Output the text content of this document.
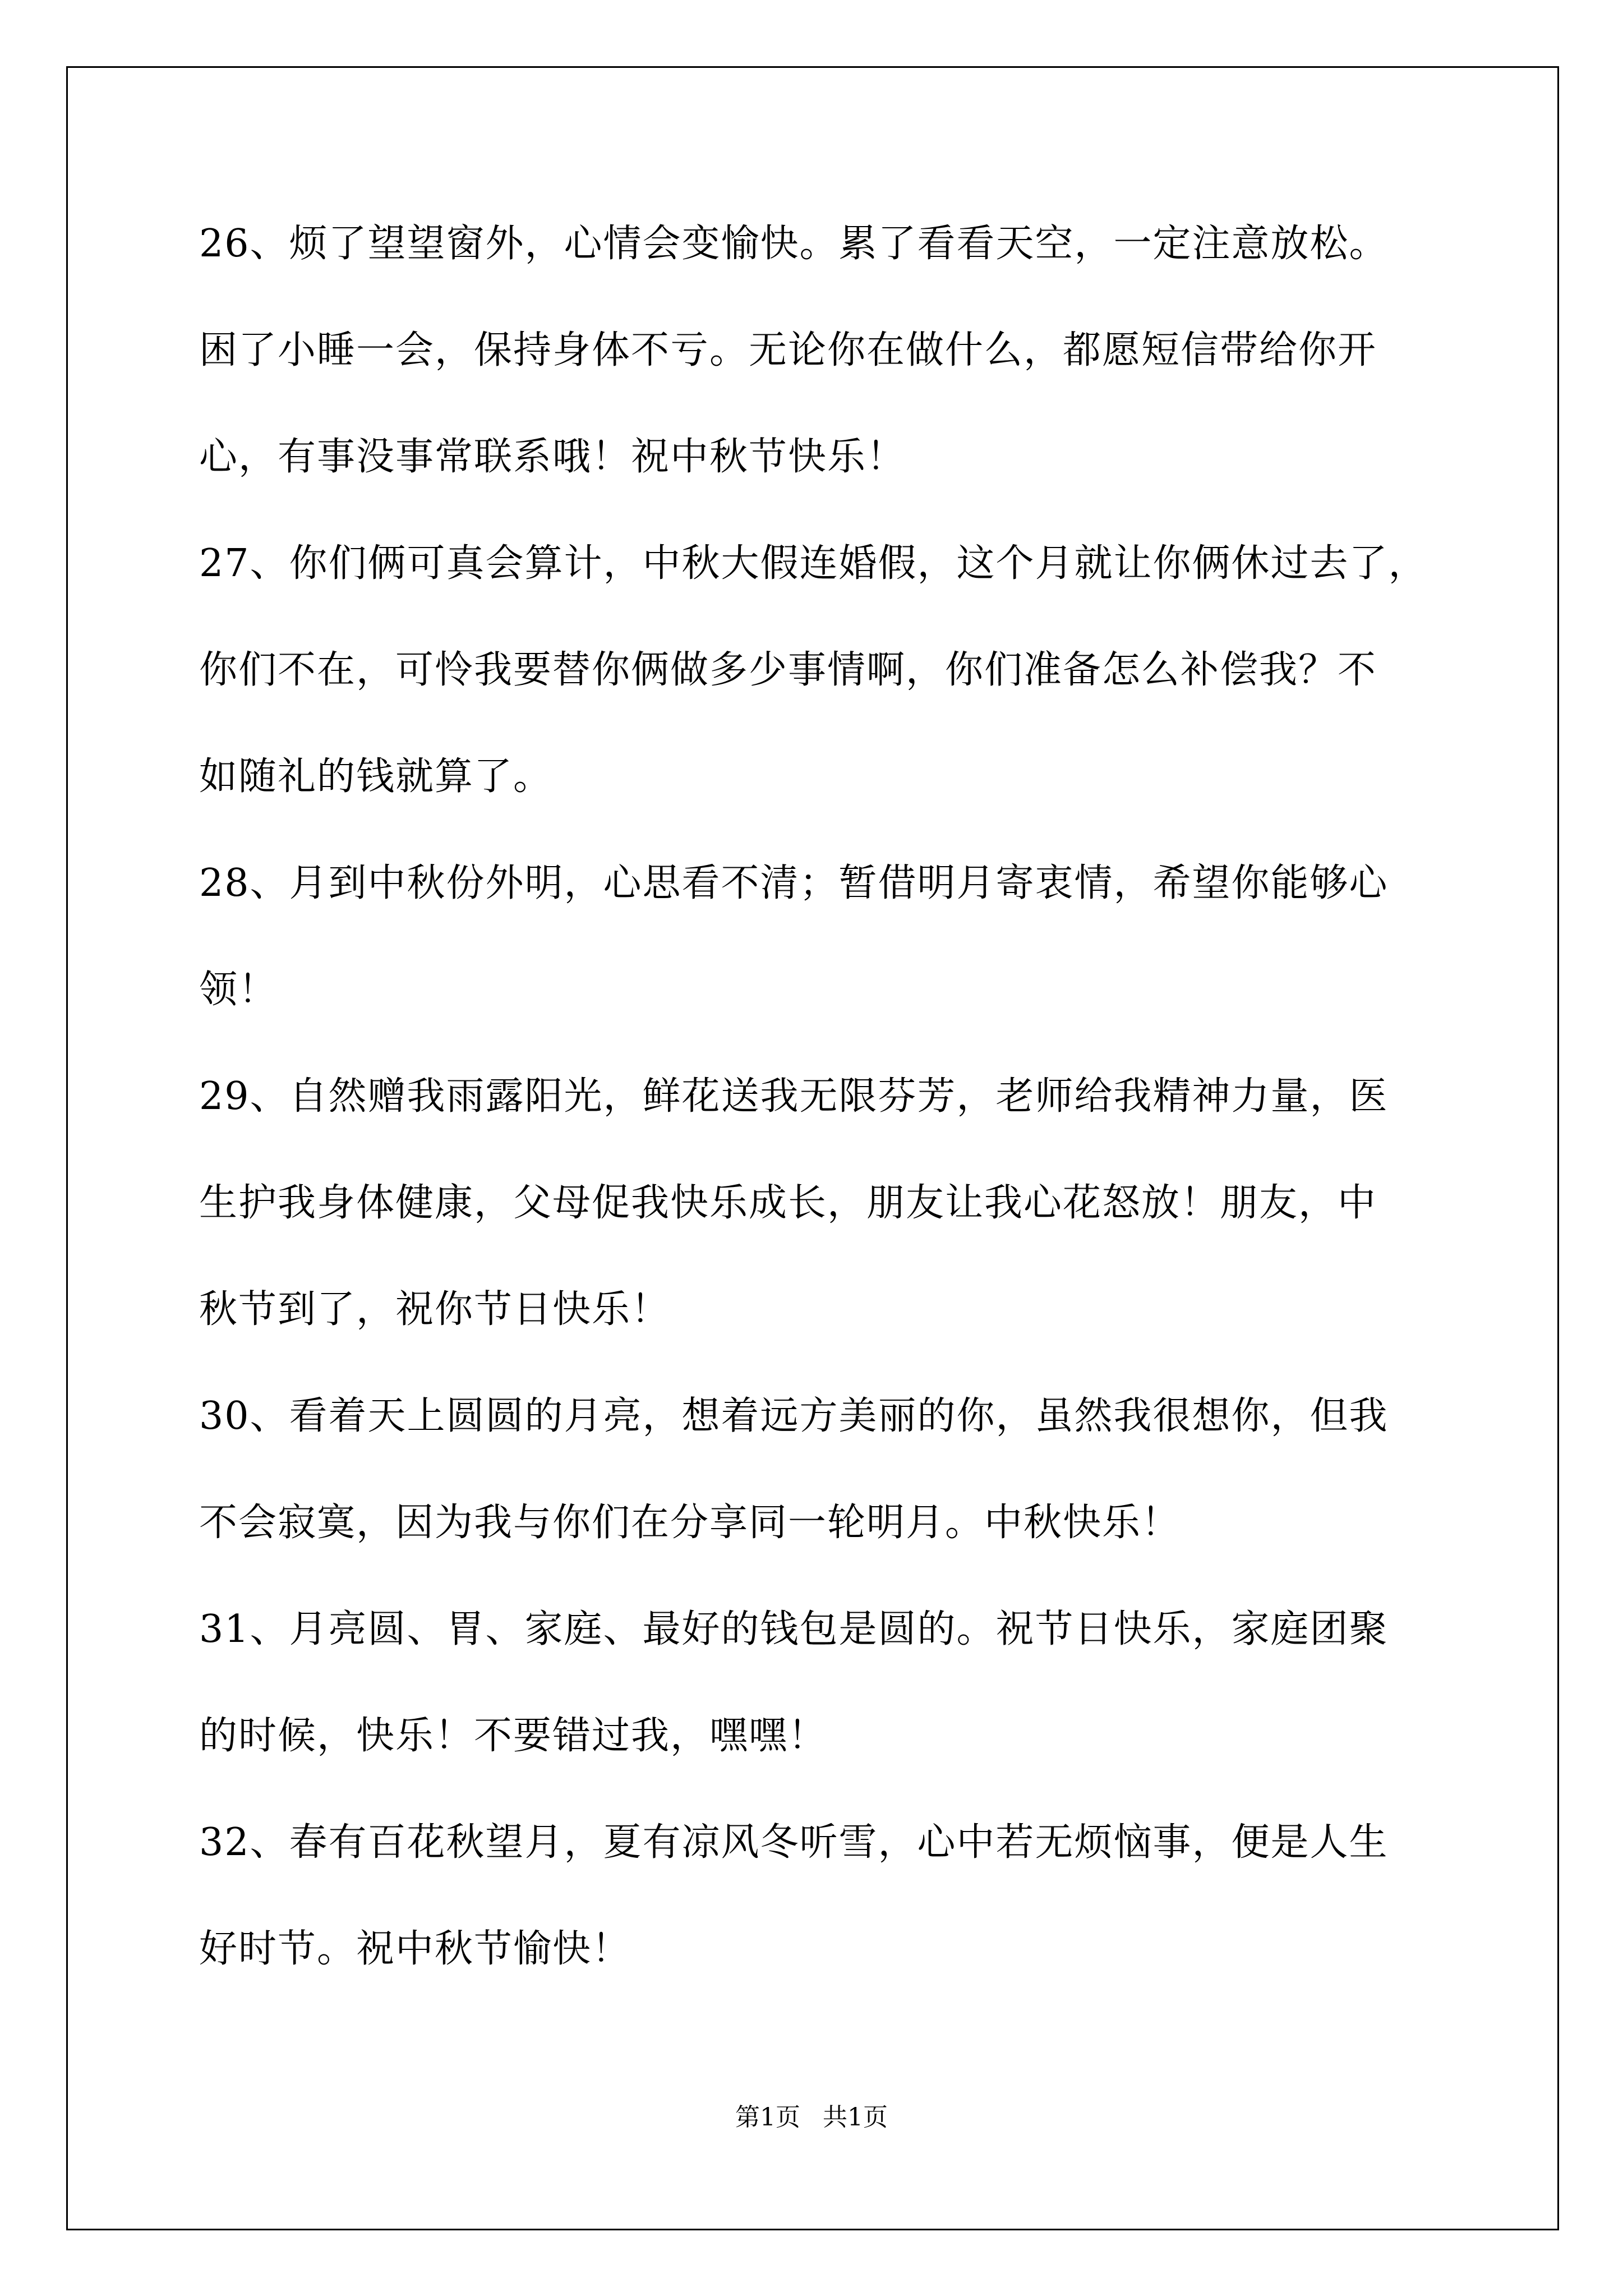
26、烦了望望窗外，心情会变愉快。累了看看天空，一定注意放松。
困了小睡一会，保持身体不亏。无论你在做什么，都愿短信带给你开
心，有事没事常联系哦！祝中秋节快乐！
27、你们俩可真会算计，中秋大假连婚假，这个月就让你俩休过去了，
你们不在，可怜我要替你俩做多少事情啊，你们准备怎么补偿我？不
如随礼的钱就算了。
28、月到中秋份外明，心思看不清；暂借明月寄衷情，希望你能够心
领！
29、自然赠我雨露阳光，鲜花送我无限芬芳，老师给我精神力量，医
生护我身体健康，父母促我快乐成长，朋友让我心花怒放！朋友，中
秋节到了，祝你节日快乐！
30、看着天上圆圆的月亮，想着远方美丽的你，虽然我很想你，但我
不会寂寞，因为我与你们在分享同一轮明月。中秋快乐！
31、月亮圆、胃、家庭、最好的钱包是圆的。祝节日快乐，家庭团聚
的时候，快乐！不要错过我，嘿嘿！
32、春有百花秋望月，夏有凉风冬听雪，心中若无烦恼事，便是人生
好时节。祝中秋节愉快！
第1页 共1页
